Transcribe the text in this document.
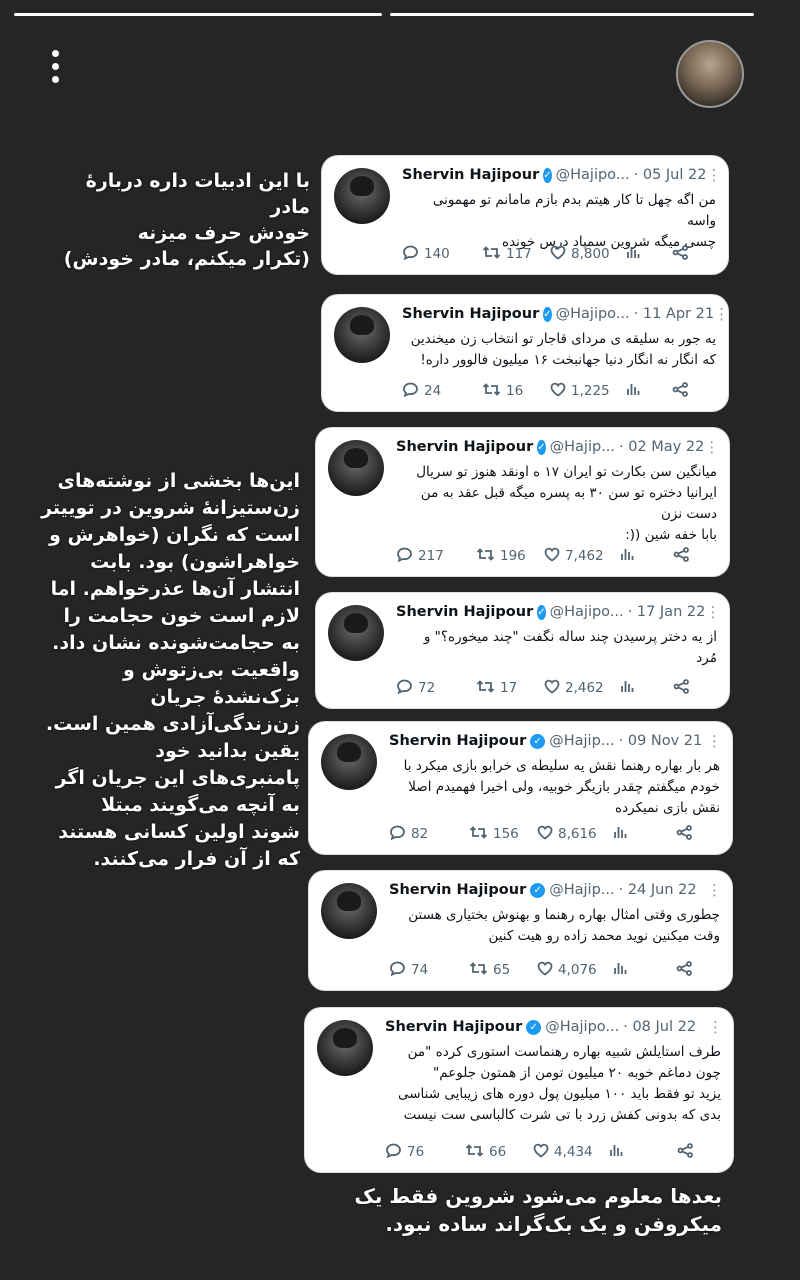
با این ادبیات داره دربارهٔ مادر
خودش حرف میزنه
(تکرار میکنم، مادر خودش)
این‌ها بخشی از نوشته‌های
زن‌ستیزانهٔ شروین در توییتر
است که نگران (خواهرش و
خواهراشون) بود. بابت
انتشار آن‌ها عذرخواهم. اما
لازم است خون حجامت را
به حجامت‌شونده نشان داد.
واقعیت بی‌زتوش و
بزک‌نشدهٔ جریان
زن‌زندگی‌آزادی همین است.
یقین بدانید خود
پامنبری‌های این جریان اگر
به آنچه می‌گویند مبتلا
شوند اولین کسانی هستند
که از آن فرار می‌کنند.
بعدها معلوم می‌شود شروین فقط یک
میکروفن و یک بک‌گراند ساده نبود.
Shervin Hajipour ✓ @Hajipo... · 05 Jul 22 ⋮
من اگه چهل تا کار هیتم بدم بازم مامانم تو مهمونی واسه
چسی میگه شروین سمپاد درس خونده
140	117	8,800
Shervin Hajipour ✓ @Hajipo... · 11 Apr 21 ⋮
یه جور به سلیقه ی مردای قاجار تو انتخاب زن میخندین
که انگار نه انگار دنیا جهانبخت ۱۶ میلیون فالوور داره!
24	16	1,225
Shervin Hajipour ✓ @Hajip... · 02 May 22 ⋮
میانگین سن بکارت تو ایران ۱۷ ه اونقد هنوز تو سریال
ایرانیا دختره تو سن ۳۰ به پسره میگه قبل عقد به من
دست نزن
بابا خفه شین ((:
217	196	7,462
Shervin Hajipour ✓ @Hajipo... · 17 Jan 22 ⋮
از یه دختر پرسیدن چند ساله نگفت "چند میخوره؟" و
مُرد
72	17	2,462
Shervin Hajipour ✓ @Hajip... · 09 Nov 21 ⋮
هر بار بهاره رهنما نقش یه سلیطه ی خرابو بازی میکرد با
خودم میگفتم چقدر بازیگر خوبیه، ولی اخیرا فهمیدم اصلا
نقش بازی نمیکرده
82	156	8,616
Shervin Hajipour ✓ @Hajip... · 24 Jun 22 ⋮
چطوری وقتی امثال بهاره رهنما و بهنوش بختیاری هستن
وقت میکنین نوید محمد زاده رو هیت کنین
74	65	4,076
Shervin Hajipour ✓ @Hajipo... · 08 Jul 22 ⋮
طرف استایلش شبیه بهاره رهنماست استوری کرده "من
چون دماغم خوبه ۲۰ میلیون تومن از همتون جلوعم"
یزید تو فقط باید ۱۰۰ میلیون پول دوره های زیبایی شناسی
بدی که بدونی کفش زرد با تی شرت کالباسی ست نیست
76	66	4,434
